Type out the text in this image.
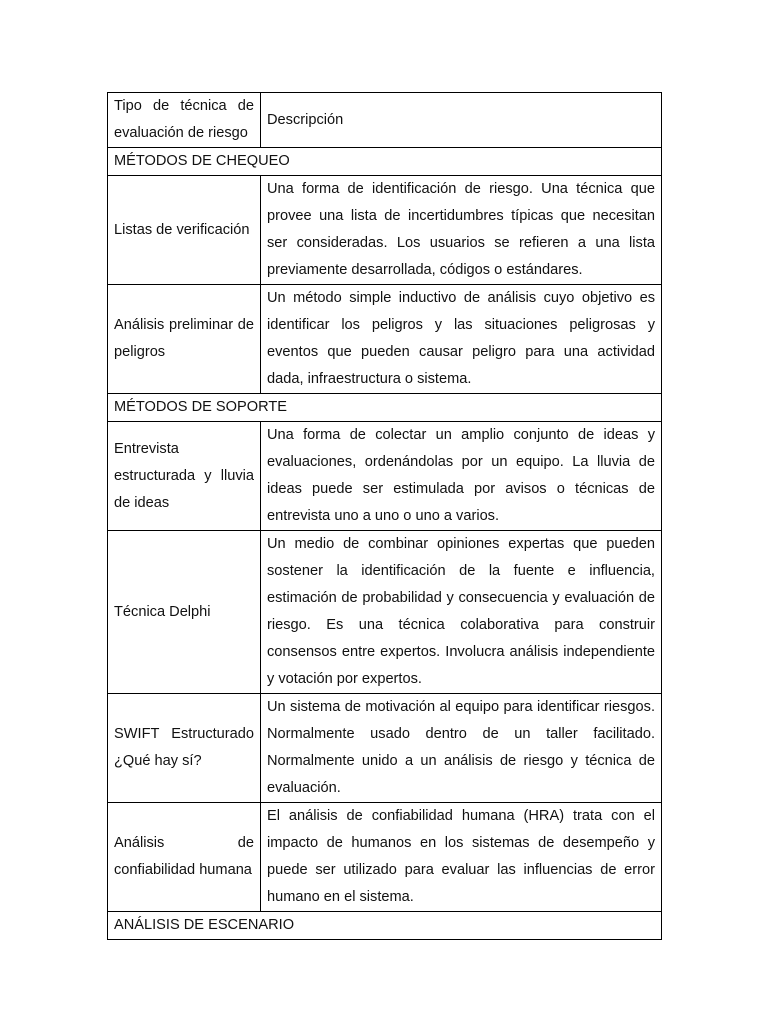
Tipo de técnica de evaluación de riesgo	Descripción
MÉTODOS DE CHEQUEO	
Listas de verificación	Una forma de identificación de riesgo. Una técnica que provee una lista de incertidumbres típicas que necesitan ser consideradas. Los usuarios se refieren a una lista previamente desarrollada, códigos o estándares.
Análisis preliminar de peligros	Un método simple inductivo de análisis cuyo objetivo es identificar los peligros y las situaciones peligrosas y eventos que pueden causar peligro para una actividad dada, infraestructura o sistema.
MÉTODOS DE SOPORTE	
Entrevista estructurada y lluvia de ideas	Una forma de colectar un amplio conjunto de ideas y evaluaciones, ordenándolas por un equipo. La lluvia de ideas puede ser estimulada por avisos o técnicas de entrevista uno a uno o uno a varios.
Técnica Delphi	Un medio de combinar opiniones expertas que pueden sostener la identificación de la fuente e influencia, estimación de probabilidad y consecuencia y evaluación de riesgo. Es una técnica colaborativa para construir consensos entre expertos. Involucra análisis independiente y votación por expertos.
SWIFT Estructurado ¿Qué hay sí?	Un sistema de motivación al equipo para identificar riesgos. Normalmente usado dentro de un taller facilitado. Normalmente unido a un análisis de riesgo y técnica de evaluación.
Análisis de confiabilidad humana	El análisis de confiabilidad humana (HRA) trata con el impacto de humanos en los sistemas de desempeño y puede ser utilizado para evaluar las influencias de error humano en el sistema.
ANÁLISIS DE ESCENARIO	
